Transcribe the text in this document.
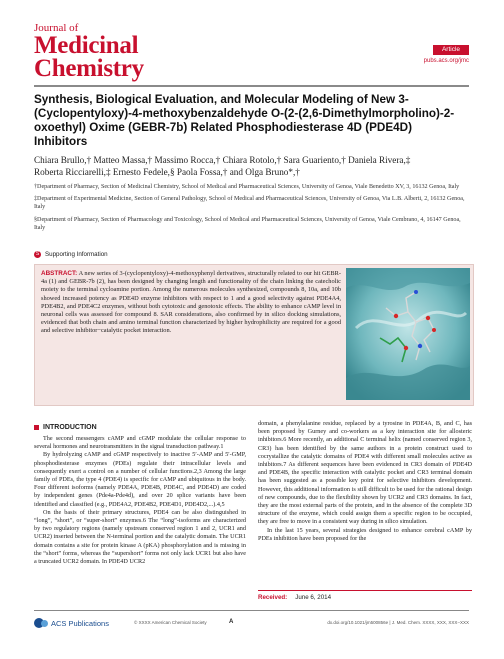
Journal of
Medicinal
Chemistry
Article
pubs.acs.org/jmc
Synthesis, Biological Evaluation, and Molecular Modeling of New 3-(Cyclopentyloxy)-4-methoxybenzaldehyde O-(2-(2,6-Dimethylmorpholino)-2-oxoethyl) Oxime (GEBR-7b) Related Phosphodiesterase 4D (PDE4D) Inhibitors
Chiara Brullo,† Matteo Massa,† Massimo Rocca,† Chiara Rotolo,† Sara Guariento,† Daniela Rivera,‡
Roberta Ricciarelli,‡ Ernesto Fedele,§ Paola Fossa,† and Olga Bruno*,†

†Department of Pharmacy, Section of Medicinal Chemistry, School of Medical and Pharmaceutical Sciences, University of Genoa, Viale Benedetto XV, 3, 16132 Genoa, Italy

‡Department of Experimental Medicine, Section of General Pathology, School of Medical and Pharmaceutical Sciences, University of Genoa, Via L.B. Alberti, 2, 16132 Genoa, Italy

§Department of Pharmacy, Section of Pharmacology and Toxicology, School of Medical and Pharmaceutical Sciences, University of Genoa, Viale Cembrano, 4, 16147 Genoa, Italy

S Supporting Information
ABSTRACT: A new series of 3-(cyclopentyloxy)-4-methoxyphenyl derivatives, structurally related to our hit GEBR-4a (1) and GEBR-7b (2), has been designed by changing length and functionality of the chain linking the catecholic moiety to the terminal cycloamine portion. Among the numerous molecules synthesized, compounds 8, 10a, and 10b showed increased potency as PDE4D enzyme inhibitors with respect to 1 and a good selectivity against PDE4A4, PDE4B2, and PDE4C2 enzymes, without both cytotoxic and genotoxic effects. The ability to enhance cAMP level in neuronal cells was assessed for compound 8. SAR considerations, also confirmed by in silico docking simulations, evidenced that both chain and amino terminal function characterized by higher hydrophilicity are required for a good and selective inhibitor−catalytic pocket interaction.
INTRODUCTION

The second messengers cAMP and cGMP modulate the cellular response to several hormones and neurotransmitters in the signal transduction pathway.1

By hydrolyzing cAMP and cGMP respectively to inactive 5′-AMP and 5′-GMP, phosphodiesterase enzymes (PDEs) regulate their intracellular levels and consequently exert a control on a number of cellular functions.2,3 Among the large family of PDEs, the type 4 (PDE4) is specific for cAMP and ubiquitous in the body. Four different isoforms (namely PDE4A, PDE4B, PDE4C, and PDE4D) are coded by independent genes (Pde4a-Pde4d), and over 20 splice variants have been identified and classified (e.g., PDE4A2, PDE4B2, PDE4D1, PDE4D2,...).4,5

On the basis of their primary structures, PDE4 can be also distinguished in “long”, “short”, or “super-short” enzymes.6 The “long”-isoforms are characterized by two regulatory regions (namely upstream conserved region 1 and 2, UCR1 and UCR2) inserted between the N-terminal portion and the catalytic domain. The UCR1 domain contains a site for protein kinase A (pKA) phosphorylation and is missing in the “short” forms, whereas the “supershort” forms not only lack UCR1 but also have a truncated UCR2 domain. In PDE4D UCR2

domain, a phenylalanine residue, replaced by a tyrosine in PDE4A, B, and C, has been proposed by Gurney and co-workers as a key interaction site for allosteric inhibitors.6 More recently, an additional C terminal helix (named conserved region 3, CR3) has been identified by the same authors in a protein construct used to cocrystallize the catalytic domains of PDE4 with different small molecules active as inhibitors.7 As different sequences have been evidenced in CR3 domain of PDE4D and PDE4B, the specific interaction with catalytic pocket and CR3 terminal domain has been suggested as a possible key point for selective inhibitors development. However, this additional information is still difficult to be used for the rational design of new compounds, due to the flexibility shown by UCR2 and CR3 domains. In fact, they are the most external parts of the protein, and in the absence of the complete 3D structure of the enzyme, which could assign them a specific region to be occupied, they are free to move in a consistent way during in silico simulation.

In the last 15 years, several strategies designed to enhance cerebral cAMP by PDEs inhibition have been proposed for the

Received: June 6, 2014
ACS Publications	© XXXX American Chemical Society	A	dx.doi.org/10.1021/jm500856e | J. Med. Chem. XXXX, XXX, XXX−XXX
